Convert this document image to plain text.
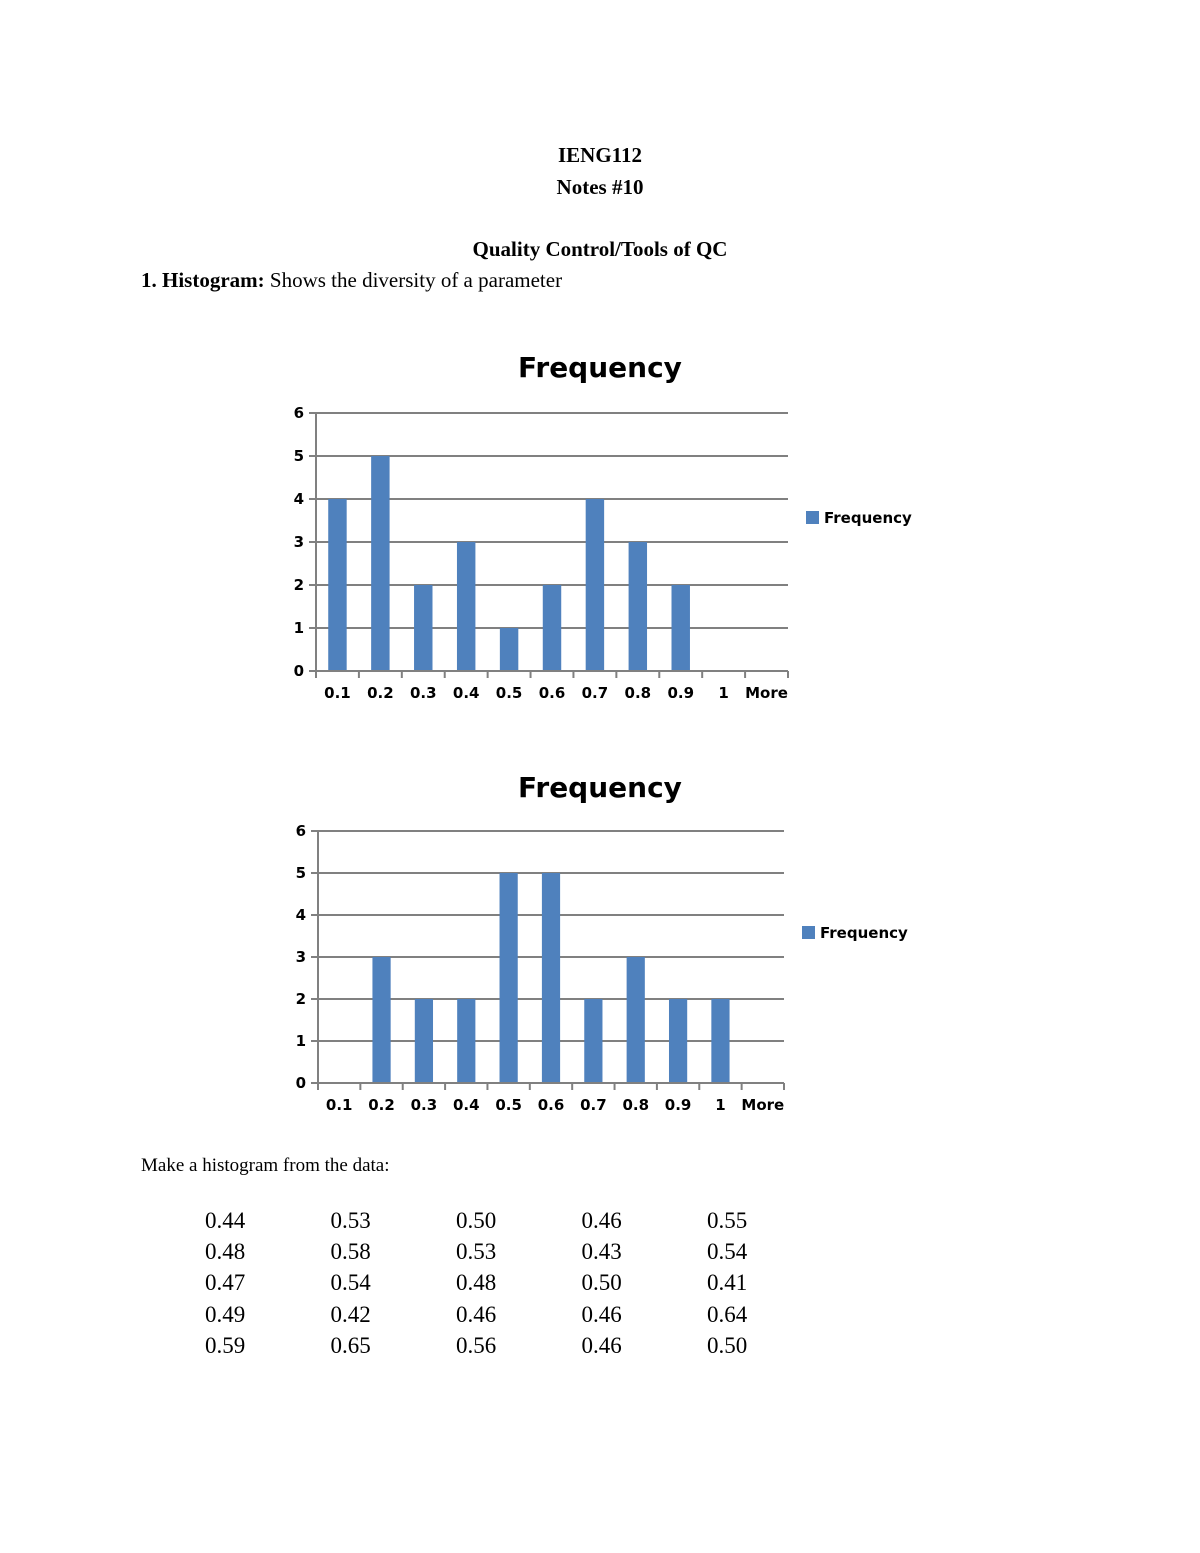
IENG112
Notes #10
Quality Control/Tools of QC
1. Histogram: Shows the diversity of a parameter
Frequency
0
1
2
3
4
5
6
0.1 0.2 0.3 0.4 0.5 0.6 0.7 0.8 0.9 1 More
Frequency
Frequency
0
1
2
3
4
5
6
0.1 0.2 0.3 0.4 0.5 0.6 0.7 0.8 0.9 1 More
Frequency
Make a histogram from the data:
0.44	0.53	0.50	0.46	0.55
0.48	0.58	0.53	0.43	0.54
0.47	0.54	0.48	0.50	0.41
0.49	0.42	0.46	0.46	0.64
0.59	0.65	0.56	0.46	0.50
